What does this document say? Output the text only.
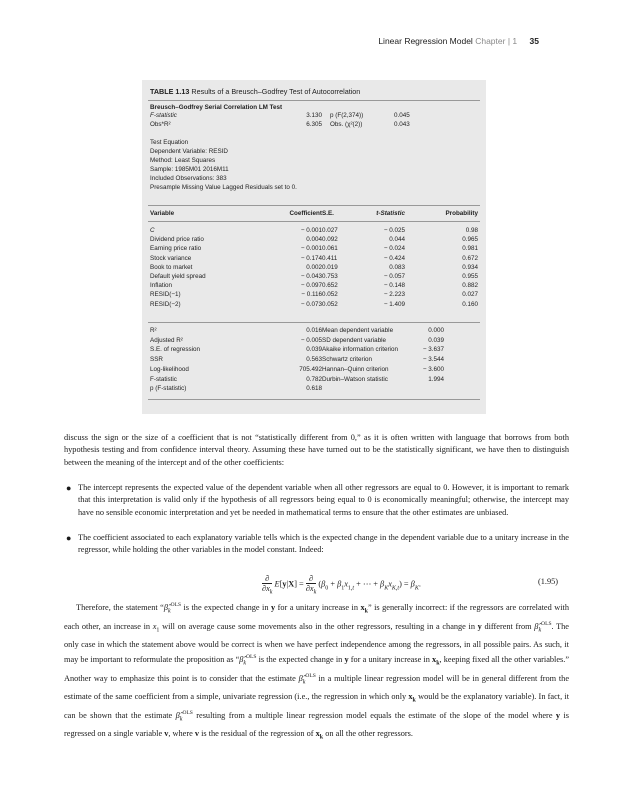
Linear Regression Model Chapter | 1 35
TABLE 1.13 Results of a Breusch–Godfrey Test of Autocorrelation
Breusch–Godfrey Serial Correlation LM Test
F-statistic	3.130 p (F(2,374))	0.045
Obs*R²	6.305 Obs. (χ²(2))	0.043
Test Equation
Dependent Variable: RESID
Method: Least Squares
Sample: 1985M01 2016M11
Included Observations: 383
Presample Missing Value Lagged Residuals set to 0.
Variable	Coefficient S.E.	t-Statistic	Probability
C	− 0.001 0.027	− 0.025	0.98
Dividend price ratio	0.004 0.092	0.044	0.965
Earning price ratio	− 0.001 0.061	− 0.024	0.981
Stock variance	− 0.174 0.411	− 0.424	0.672
Book to market	0.002 0.019	0.083	0.934
Default yield spread	− 0.043 0.753	− 0.057	0.955
Inflation	− 0.097 0.652	− 0.148	0.882
RESID(−1)	− 0.116 0.052	− 2.223	0.027
RESID(−2)	− 0.073 0.052	− 1.409	0.160
R²	0.016 Mean dependent variable	0.000
Adjusted R²	− 0.005 SD dependent variable	0.039
S.E. of regression	0.039 Akaike information criterion	− 3.637
SSR	0.563 Schwartz criterion	− 3.544
Log-likelihood	705.492 Hannan–Quinn criterion	− 3.600
F-statistic	0.782 Durbin–Watson statistic	1.994
p (F-statistic)	0.618

discuss the sign or the size of a coefficient that is not “statistically different from 0,” as it is often written with language that borrows from both hypothesis testing and from confidence interval theory. Assuming these have turned out to be the statistically significant, we have then to distinguish between the meaning of the intercept and of the other coefficients:

● The intercept represents the expected value of the dependent variable when all other regressors are equal to 0. However, it is important to remark that this interpretation is valid only if the hypothesis of all regressors being equal to 0 is economically meaningful; otherwise, the intercept may have no sensible economic interpretation and yet be needed in mathematical terms to ensure that the other estimates are unbiased.

● The coefficient associated to each explanatory variable tells which is the expected change in the dependent variable due to a unitary increase in the regressor, while holding the other variables in the model constant. Indeed:

∂
$\partial x_k$
E[y|X] =
∂
$\partial x_k$
($\beta_0 + \beta_1x_{1,t}$ + ⋯ + $\beta_Kx_{K,t}) = \beta_K$.	(1.95)

Therefore, the statement “$\betâ_k^{OLS}$ is the expected change in y for a unitary increase in $x_k$” is generally incorrect: if the regressors are correlated with each other, an increase in $x_1$ will on average cause some movements also in the other regressors, resulting in a change in y different from $\betâ_k^{OLS}$. The only case in which the statement above would be correct is when we have perfect independence among the regressors, in all possible pairs. As such, it may be important to reformulate the proposition as “$\betâ_k^{OLS}$ is the expected change in y for a unitary increase in $x_k$, keeping fixed all the other variables.” Another way to emphasize this point is to consider that the estimate $\betâ_k^{OLS}$ in a multiple linear regression model will be in general different from the estimate of the same coefficient from a simple, univariate regression (i.e., the regression in which only $x_k$ would be the explanatory variable). In fact, it can be shown that the estimate $\betâ_k^{OLS}$ resulting from a multiple linear regression model equals the estimate of the slope of the model where y is regressed on a single variable v, where v is the residual of the regression of $x_k$ on all the other regressors.
